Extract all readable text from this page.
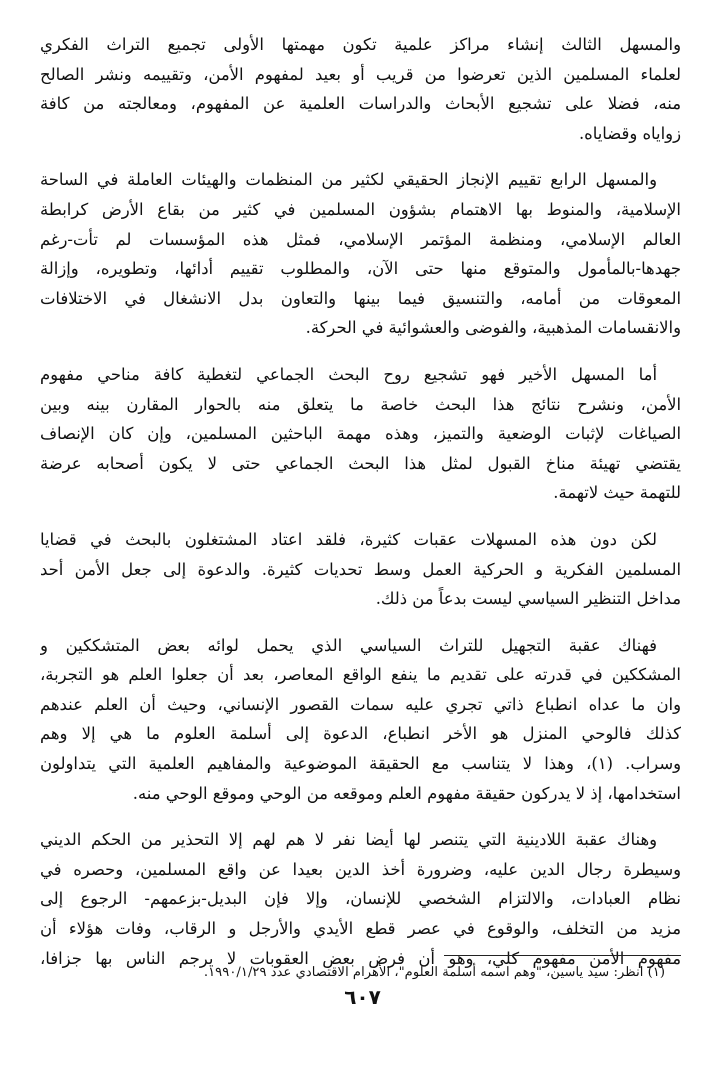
والمسهل الثالث إنشاء مراكز علمية تكون مهمتها الأولى تجميع التراث الفكري
لعلماء المسلمين الذين تعرضوا من قريب أو بعيد لمفهوم الأمن، وتقييمه ونشر الصالح
منه، فضلا على تشجيع الأبحاث والدراسات العلمية عن المفهوم، ومعالجته من كافة
زواياه وقضاياه.
والمسهل الرابع تقييم الإنجاز الحقيقي لكثير من المنظمات والهيئات العاملة في الساحة
الإسلامية، والمنوط بها الاهتمام بشؤون المسلمين في كثير من بقاع الأرض كرابطة
العالم الإسلامي، ومنظمة المؤتمر الإسلامي، فمثل هذه المؤسسات لم تأت-رغم
جهدها-بالمأمول والمتوقع منها حتى الآن، والمطلوب تقييم أدائها، وتطويره، وإزالة
المعوقات من أمامه، والتنسيق فيما بينها والتعاون بدل الانشغال في الاختلافات
والانقسامات المذهبية، والفوضى والعشوائية في الحركة.
أما المسهل الأخير فهو تشجيع روح البحث الجماعي لتغطية كافة مناحي مفهوم
الأمن، ونشرح نتائج هذا البحث خاصة ما يتعلق منه بالحوار المقارن بينه وبين
الصياغات لإثبات الوضعية والتميز، وهذه مهمة الباحثين المسلمين، وإن كان الإنصاف
يقتضي تهيئة مناخ القبول لمثل هذا البحث الجماعي حتى لا يكون أصحابه عرضة
للتهمة حيث لاتهمة.
لكن دون هذه المسهلات عقبات كثيرة، فلقد اعتاد المشتغلون بالبحث في قضايا
المسلمين الفكرية و الحركية العمل وسط تحديات كثيرة. والدعوة إلى جعل الأمن أحد
مداخل التنظير السياسي ليست بدعاً من ذلك.
فهناك عقبة التجهيل للتراث السياسي الذي يحمل لوائه بعض المتشككين و
المشككين في قدرته على تقديم ما ينفع الواقع المعاصر، بعد أن جعلوا العلم هو التجربة،
وان ما عداه انطباع ذاتي تجري عليه سمات القصور الإنساني، وحيث أن العلم عندهم
كذلك فالوحي المنزل هو الأخر انطباع، الدعوة إلى أسلمة العلوم ما هي إلا وهم
وسراب. (١)، وهذا لا يتناسب مع الحقيقة الموضوعية والمفاهيم العلمية التي يتداولون
استخدامها، إذ لا يدركون حقيقة مفهوم العلم وموقعه من الوحي وموقع الوحي منه.
وهناك عقبة اللادينية التي يتنصر لها أيضا نفر لا هم لهم إلا التحذير من الحكم الديني
وسيطرة رجال الدين عليه، وضرورة أخذ الدين بعيدا عن واقع المسلمين، وحصره في
نظام العبادات، والالتزام الشخصي للإنسان، وإلا فإن البديل-بزعمهم- الرجوع إلى
مزيد من التخلف، والوقوع في عصر قطع الأيدي والأرجل و الرقاب، وفات هؤلاء أن
مفهوم الأمن مفهوم كلي، وهو أن فرض بعض العقوبات لا يرجم الناس بها جزافا،
(١) انظر: سيد ياسين، "وهم اسمه أسلمة العلوم"، الأهرام الاقتصادي عدد ١٩٩٠/١/٢٩.
٦٠٧
